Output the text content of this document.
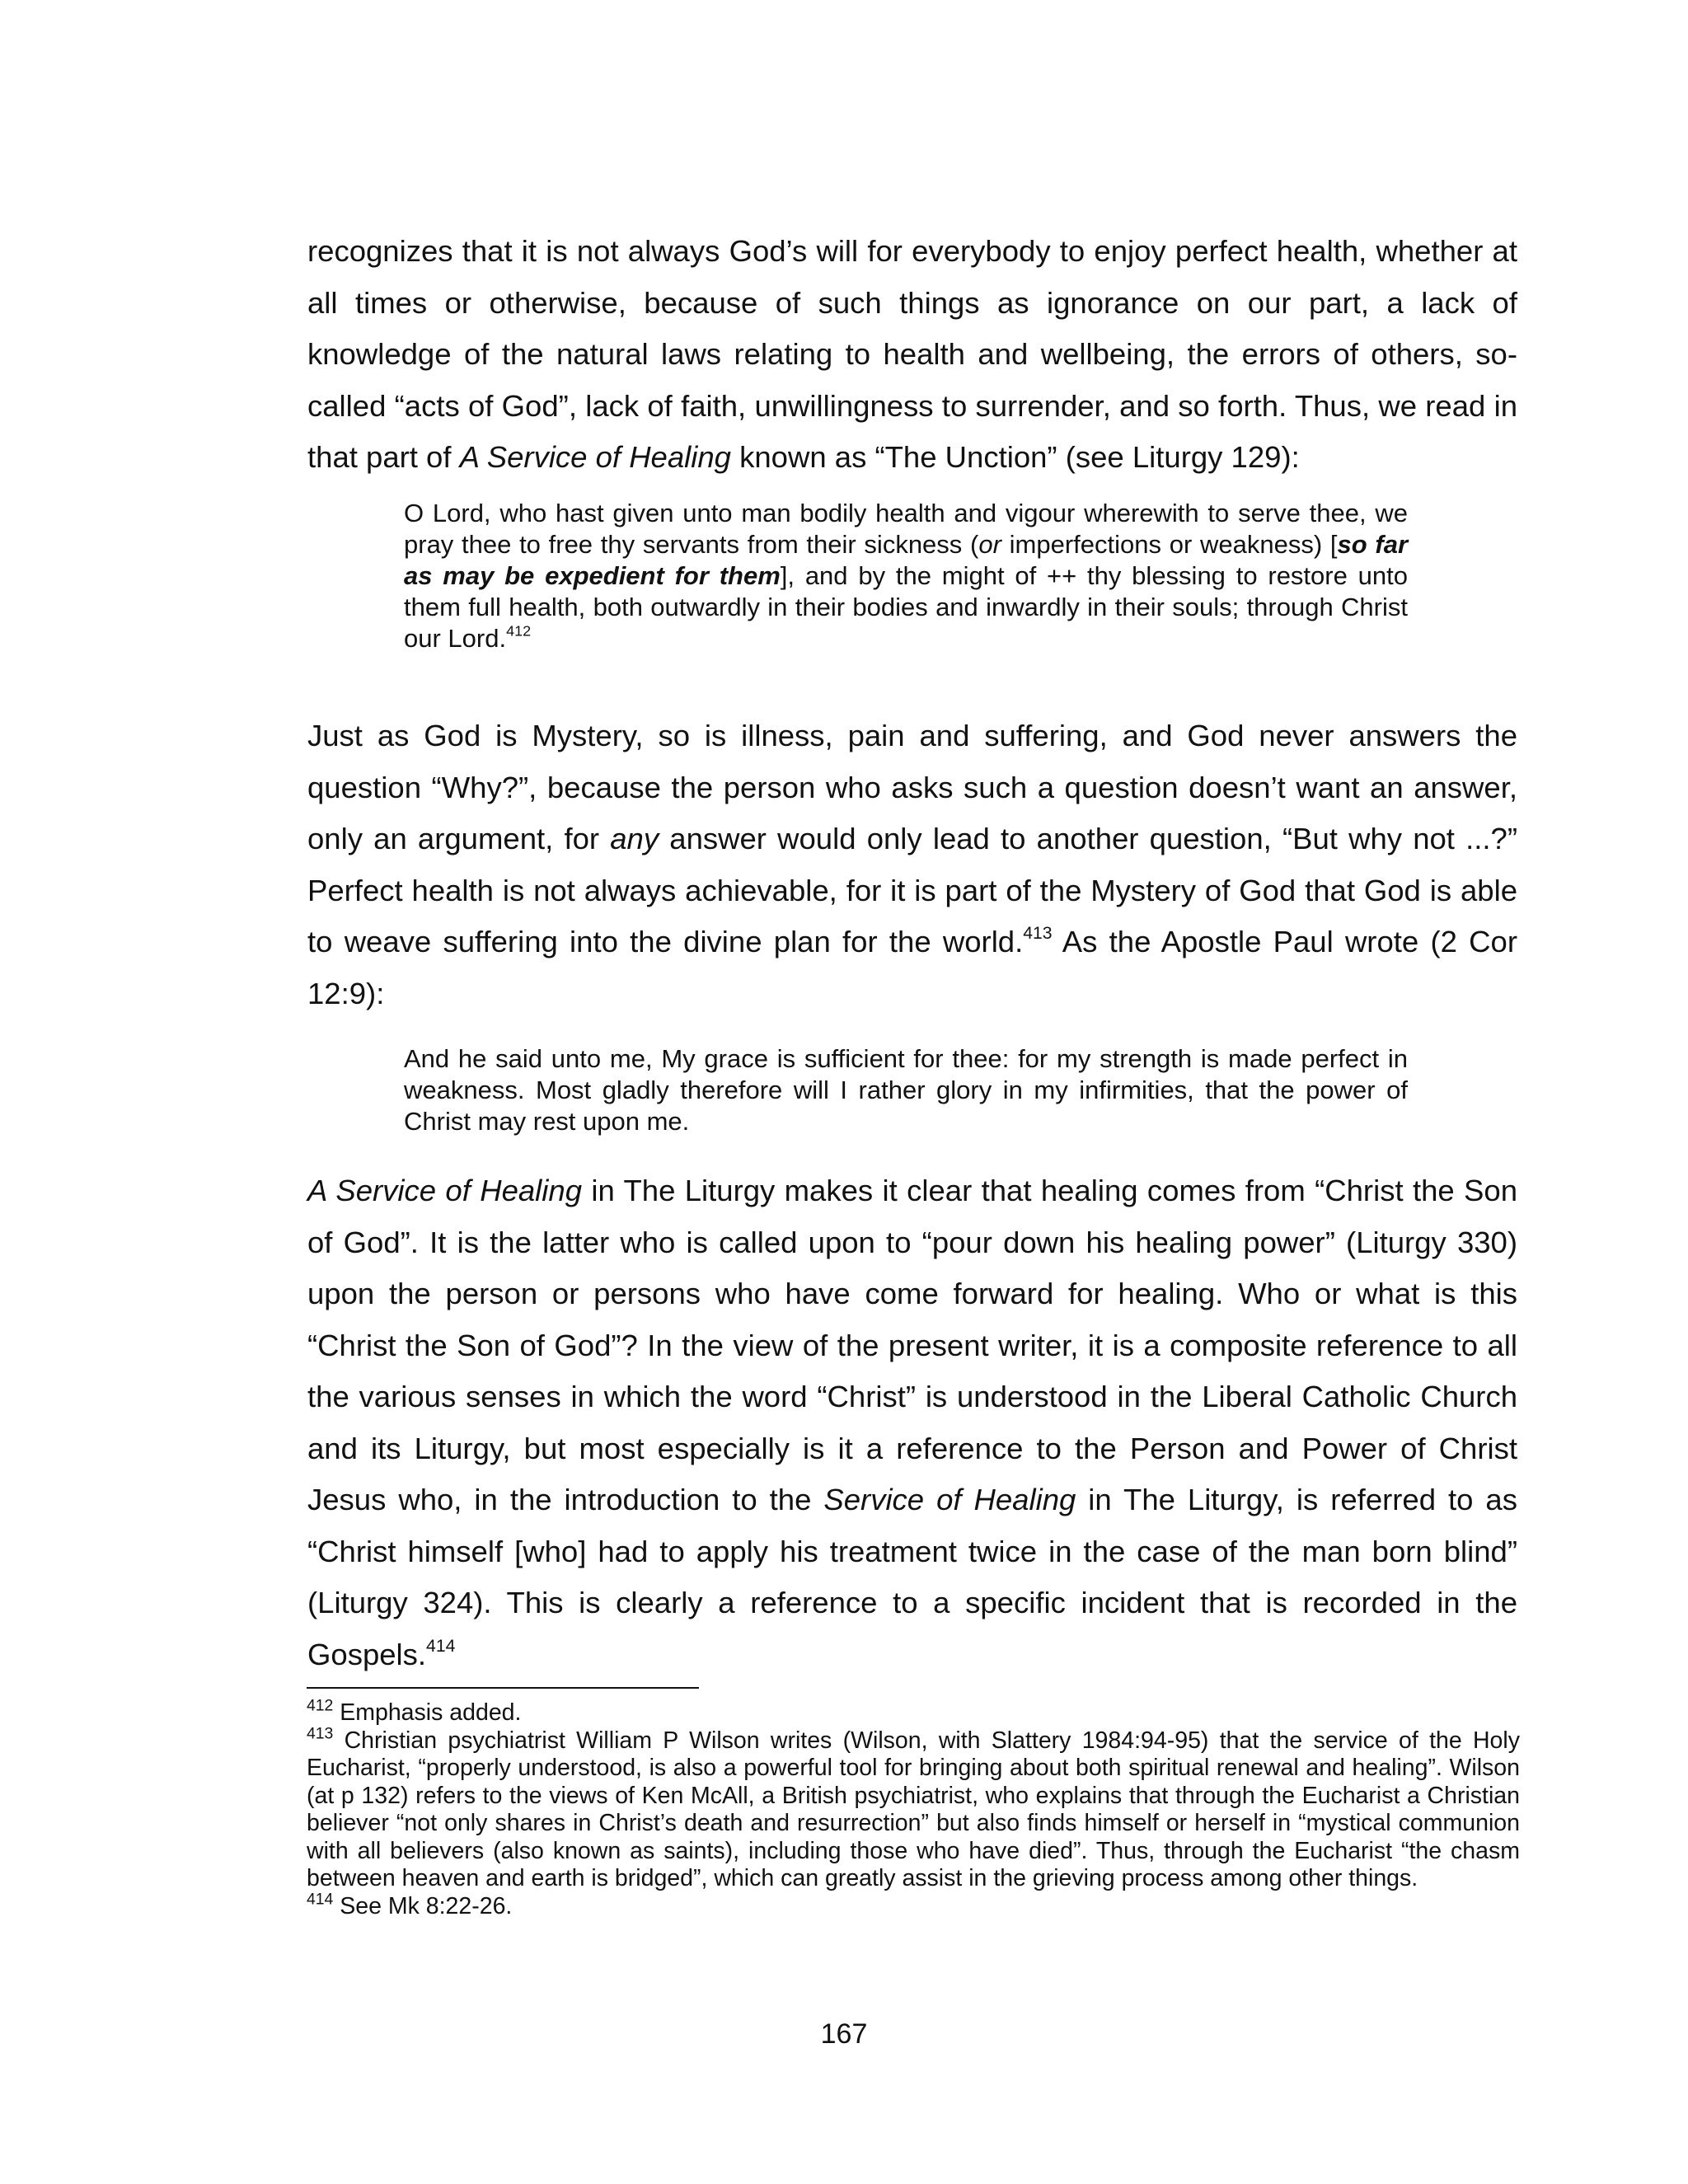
recognizes that it is not always God’s will for everybody to enjoy perfect health, whether at all times or otherwise, because of such things as ignorance on our part, a lack of knowledge of the natural laws relating to health and wellbeing, the errors of others, so-called “acts of God”, lack of faith, unwillingness to surrender, and so forth. Thus, we read in that part of A Service of Healing known as “The Unction” (see Liturgy 129):

O Lord, who hast given unto man bodily health and vigour wherewith to serve thee, we pray thee to free thy servants from their sickness (or imperfections or weakness) [so far as may be expedient for them], and by the might of ++ thy blessing to restore unto them full health, both outwardly in their bodies and inwardly in their souls; through Christ our Lord.$^{412}$

Just as God is Mystery, so is illness, pain and suffering, and God never answers the question “Why?”, because the person who asks such a question doesn’t want an answer, only an argument, for any answer would only lead to another question, “But why not ...?” Perfect health is not always achievable, for it is part of the Mystery of God that God is able to weave suffering into the divine plan for the world.$^{413}$ As the Apostle Paul wrote (2 Cor 12:9):

And he said unto me, My grace is sufficient for thee: for my strength is made perfect in weakness. Most gladly therefore will I rather glory in my infirmities, that the power of Christ may rest upon me.

A Service of Healing in The Liturgy makes it clear that healing comes from “Christ the Son of God”. It is the latter who is called upon to “pour down his healing power” (Liturgy 330) upon the person or persons who have come forward for healing. Who or what is this “Christ the Son of God”? In the view of the present writer, it is a composite reference to all the various senses in which the word “Christ” is understood in the Liberal Catholic Church and its Liturgy, but most especially is it a reference to the Person and Power of Christ Jesus who, in the introduction to the Service of Healing in The Liturgy, is referred to as “Christ himself [who] had to apply his treatment twice in the case of the man born blind” (Liturgy 324). This is clearly a reference to a specific incident that is recorded in the Gospels.$^{414}$

$^{412}$ Emphasis added.

$^{413}$ Christian psychiatrist William P Wilson writes (Wilson, with Slattery 1984:94-95) that the service of the Holy Eucharist, “properly understood, is also a powerful tool for bringing about both spiritual renewal and healing”. Wilson (at p 132) refers to the views of Ken McAll, a British psychiatrist, who explains that through the Eucharist a Christian believer “not only shares in Christ’s death and resurrection” but also finds himself or herself in “mystical communion with all believers (also known as saints), including those who have died”. Thus, through the Eucharist “the chasm between heaven and earth is bridged”, which can greatly assist in the grieving process among other things.

$^{414}$ See Mk 8:22-26.

167
